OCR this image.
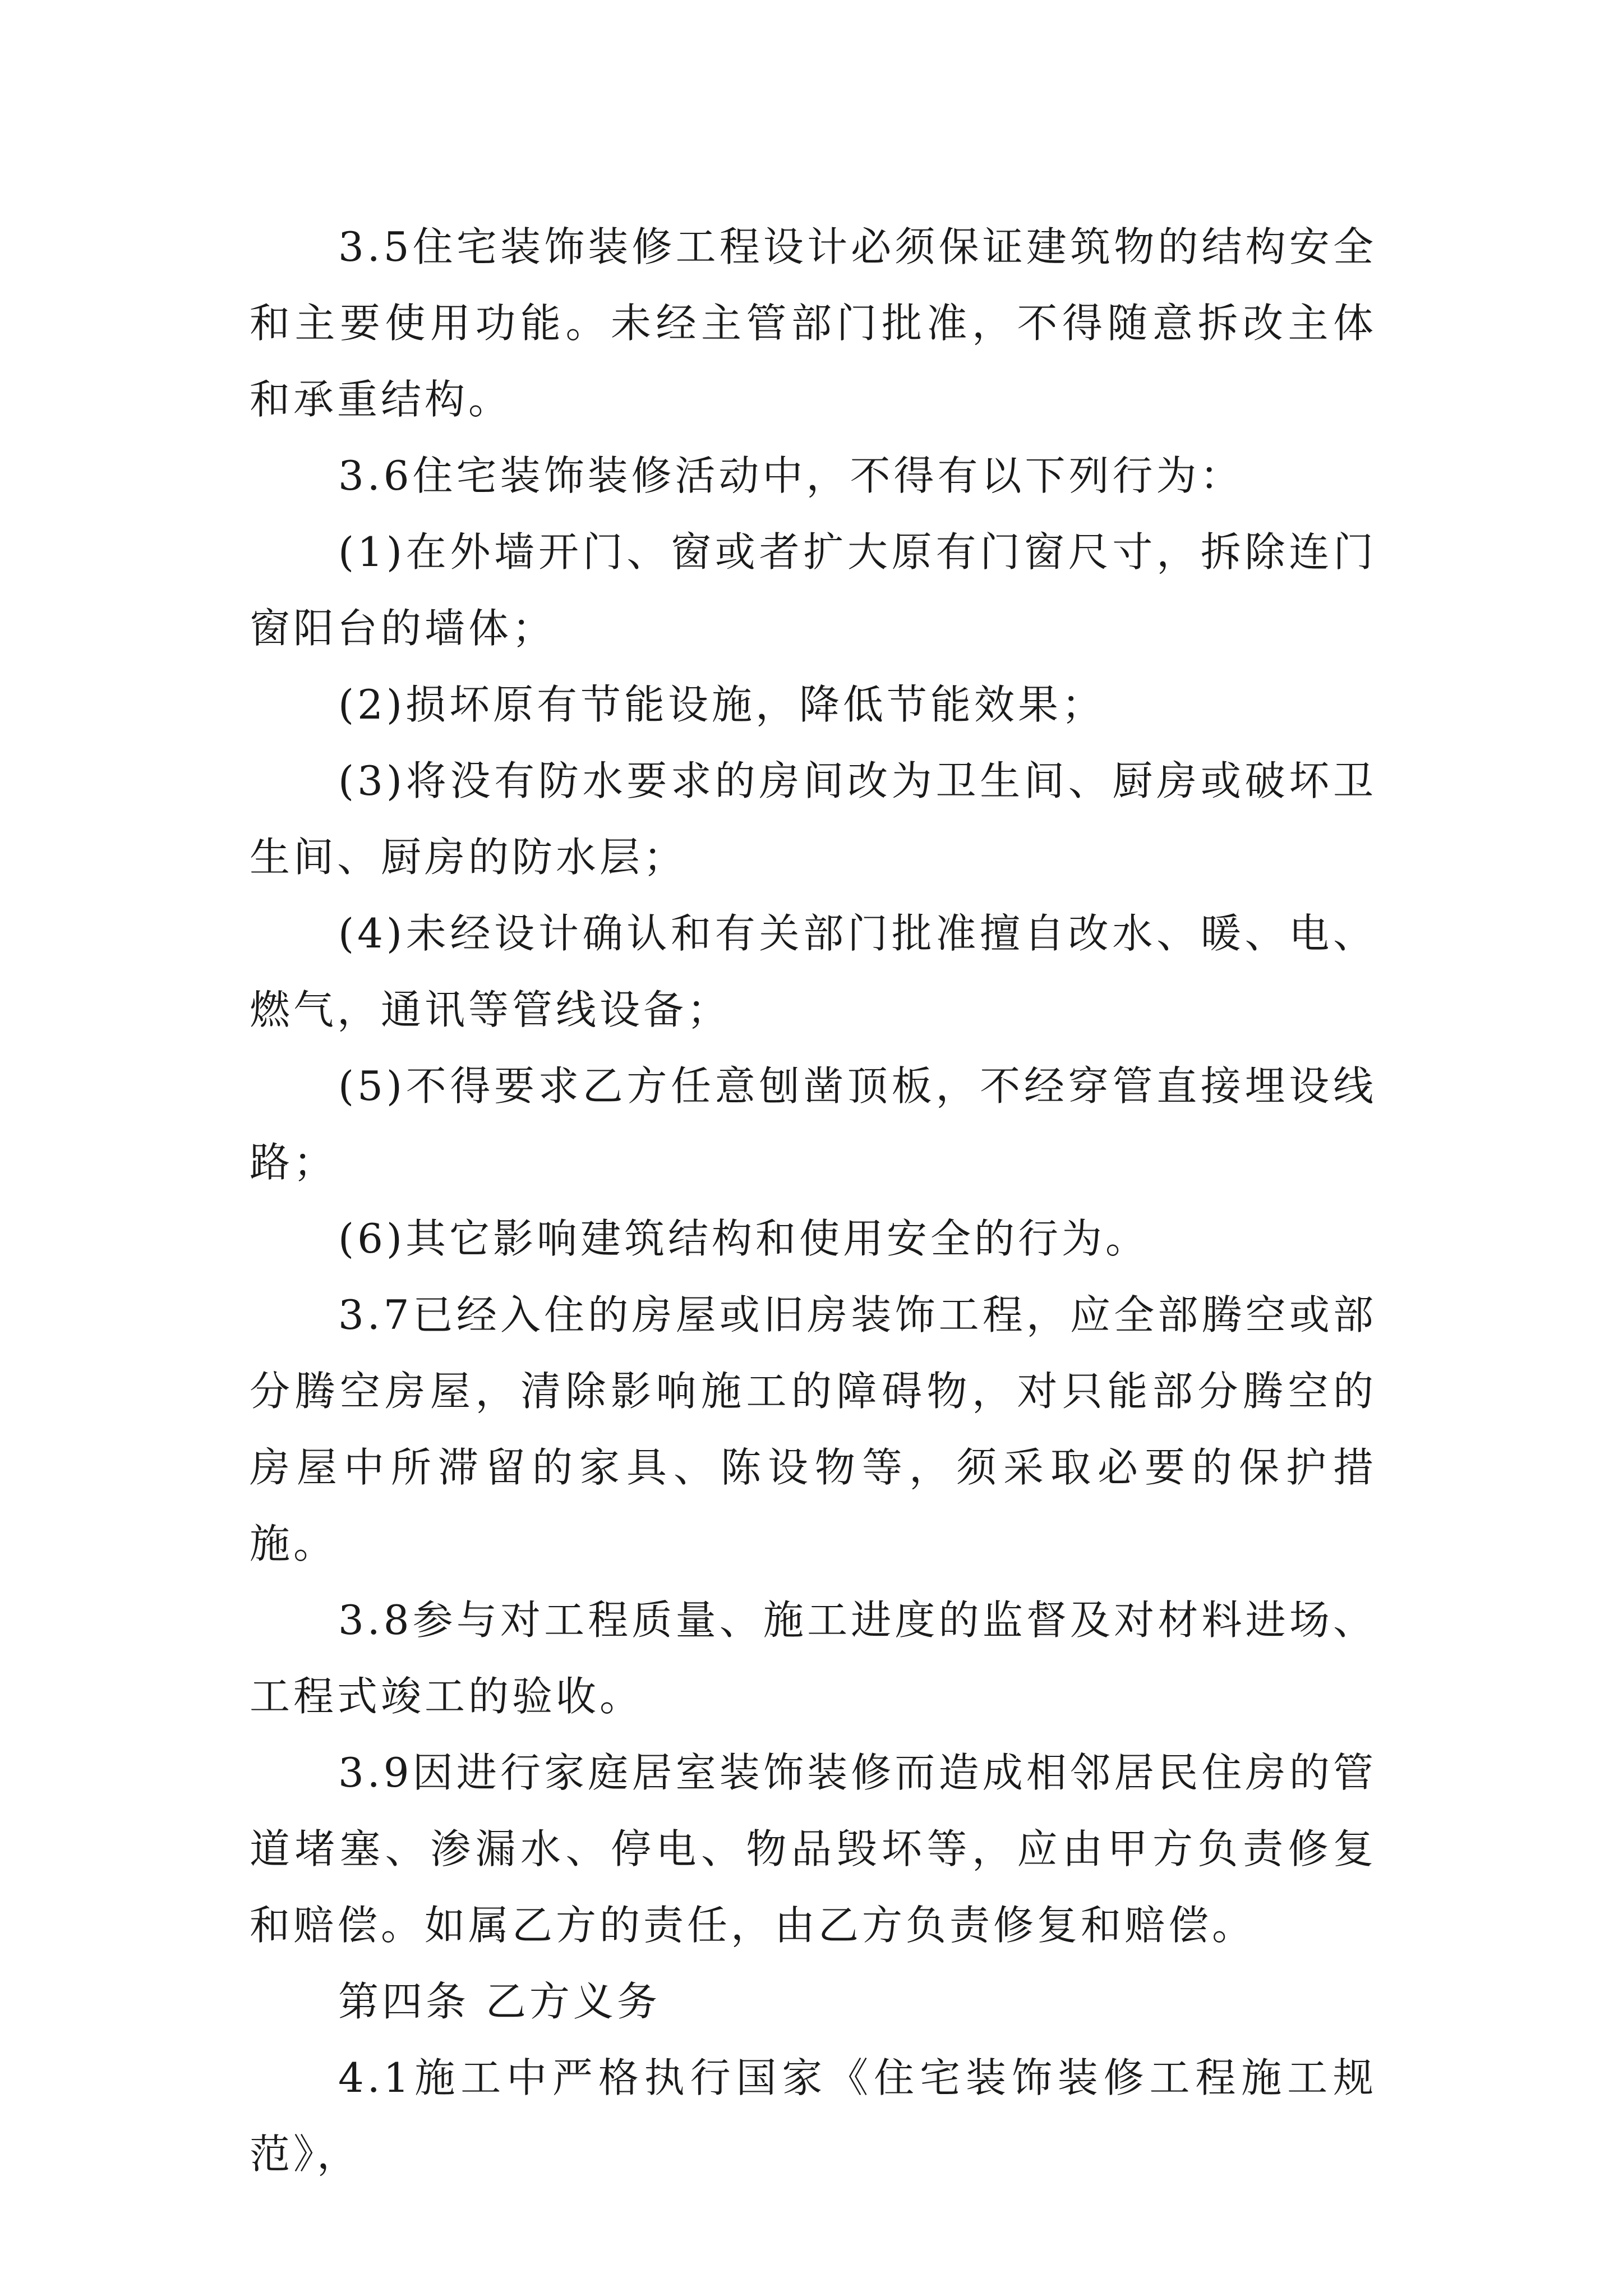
3.5住宅装饰装修工程设计必须保证建筑物的结构安全和主要使用功能。未经主管部门批准，不得随意拆改主体和承重结构。

3.6住宅装饰装修活动中，不得有以下列行为：

(1)在外墙开门、窗或者扩大原有门窗尺寸，拆除连门窗阳台的墙体；

(2)损坏原有节能设施，降低节能效果；

(3)将没有防水要求的房间改为卫生间、厨房或破坏卫生间、厨房的防水层；

(4)未经设计确认和有关部门批准擅自改水、暖、电、燃气，通讯等管线设备；

(5)不得要求乙方任意刨凿顶板，不经穿管直接埋设线路；

(6)其它影响建筑结构和使用安全的行为。

3.7已经入住的房屋或旧房装饰工程，应全部腾空或部分腾空房屋，清除影响施工的障碍物，对只能部分腾空的房屋中所滞留的家具、陈设物等，须采取必要的保护措施。

3.8参与对工程质量、施工进度的监督及对材料进场、工程式竣工的验收。

3.9因进行家庭居室装饰装修而造成相邻居民住房的管道堵塞、渗漏水、停电、物品毁坏等，应由甲方负责修复和赔偿。如属乙方的责任，由乙方负责修复和赔偿。

第四条 乙方义务

4.1施工中严格执行国家《住宅装饰装修工程施工规范》，
